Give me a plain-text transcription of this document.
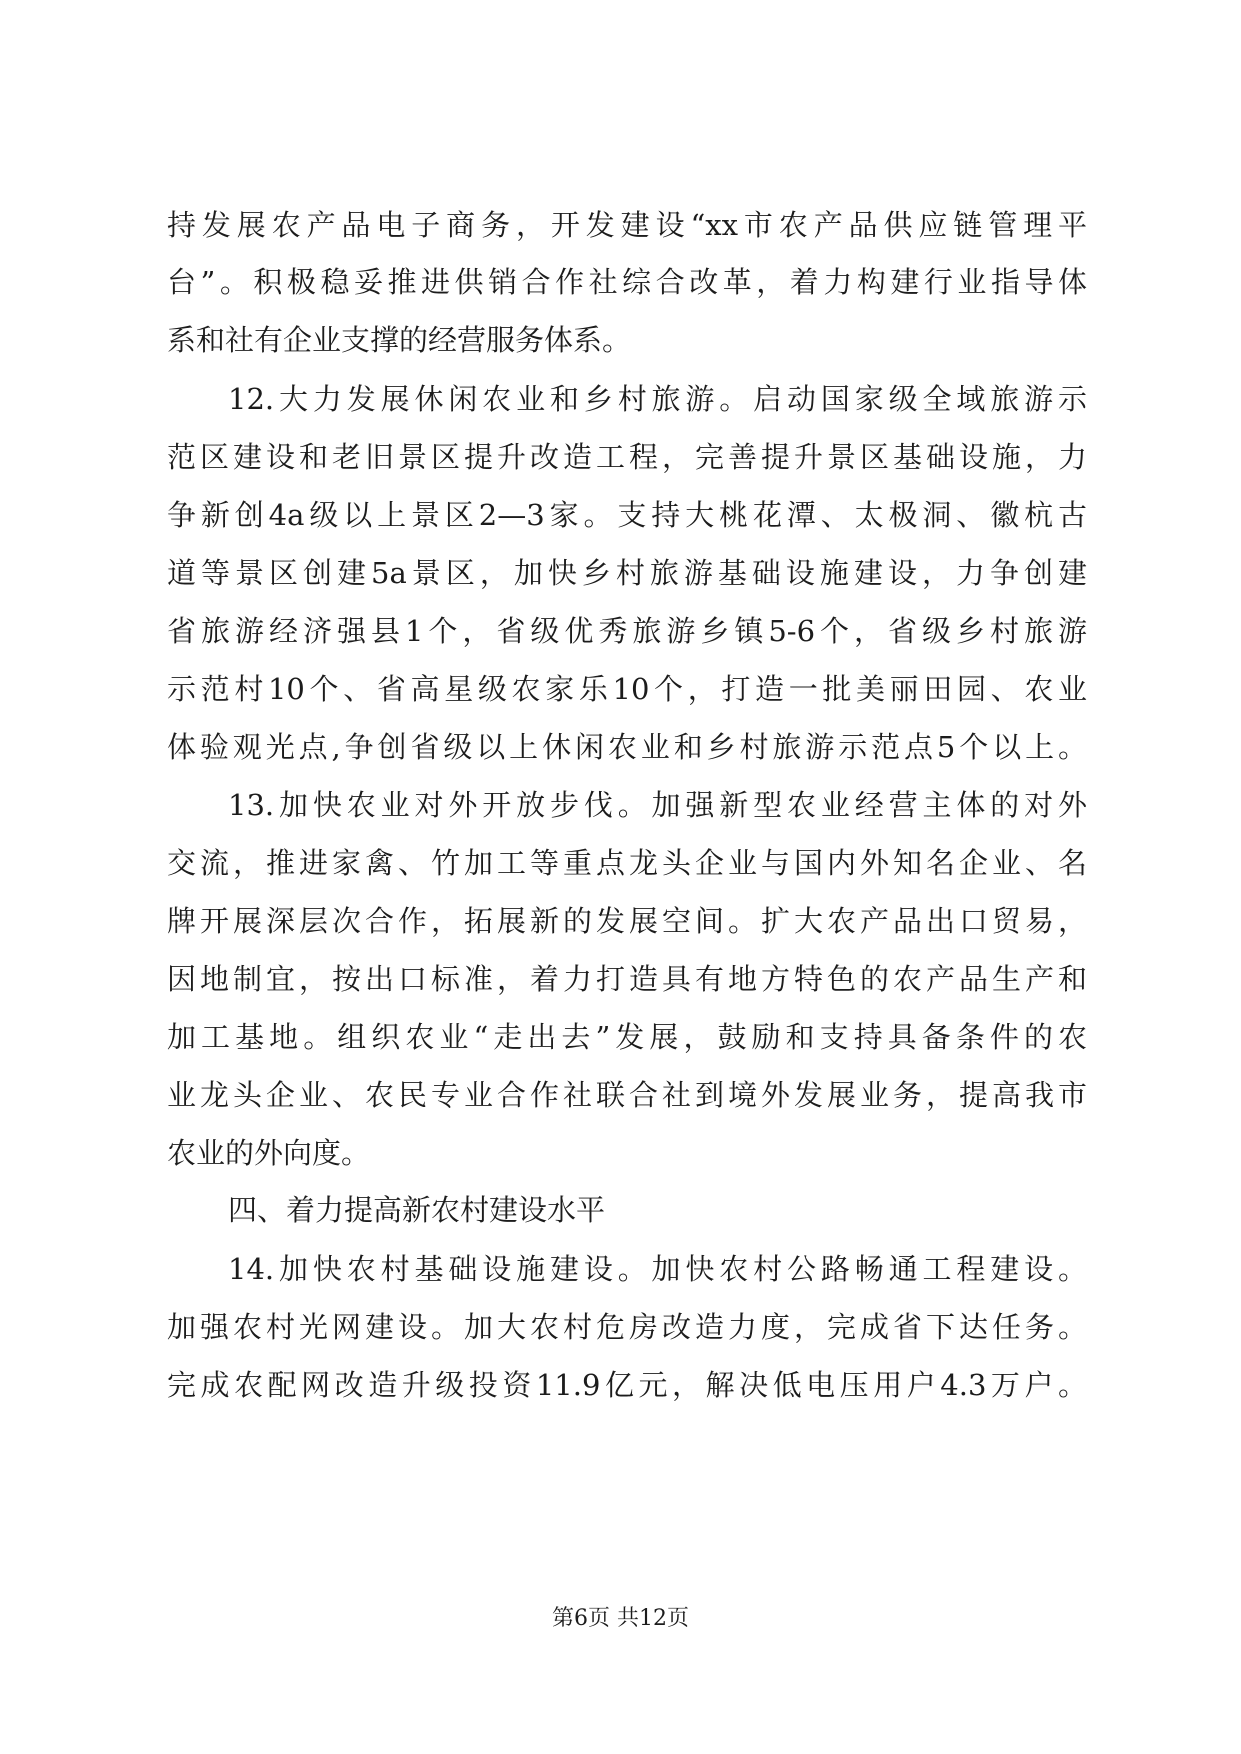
持发展农产品电子商务，开发建设“xx市农产品供应链管理平
台”。积极稳妥推进供销合作社综合改革，着力构建行业指导体
系和社有企业支撑的经营服务体系。
12.大力发展休闲农业和乡村旅游。启动国家级全域旅游示
范区建设和老旧景区提升改造工程，完善提升景区基础设施，力
争新创4a级以上景区2—3家。支持大桃花潭、太极洞、徽杭古
道等景区创建5a景区，加快乡村旅游基础设施建设，力争创建
省旅游经济强县1个，省级优秀旅游乡镇5-6个，省级乡村旅游
示范村10个、省高星级农家乐10个，打造一批美丽田园、农业
体验观光点,争创省级以上休闲农业和乡村旅游示范点5个以上。
13.加快农业对外开放步伐。加强新型农业经营主体的对外
交流，推进家禽、竹加工等重点龙头企业与国内外知名企业、名
牌开展深层次合作，拓展新的发展空间。扩大农产品出口贸易，
因地制宜，按出口标准，着力打造具有地方特色的农产品生产和
加工基地。组织农业“走出去”发展，鼓励和支持具备条件的农
业龙头企业、农民专业合作社联合社到境外发展业务，提高我市
农业的外向度。
四、着力提高新农村建设水平
14.加快农村基础设施建设。加快农村公路畅通工程建设。
加强农村光网建设。加大农村危房改造力度，完成省下达任务。
完成农配网改造升级投资11.9亿元，解决低电压用户4.3万户。
第6页 共12页
